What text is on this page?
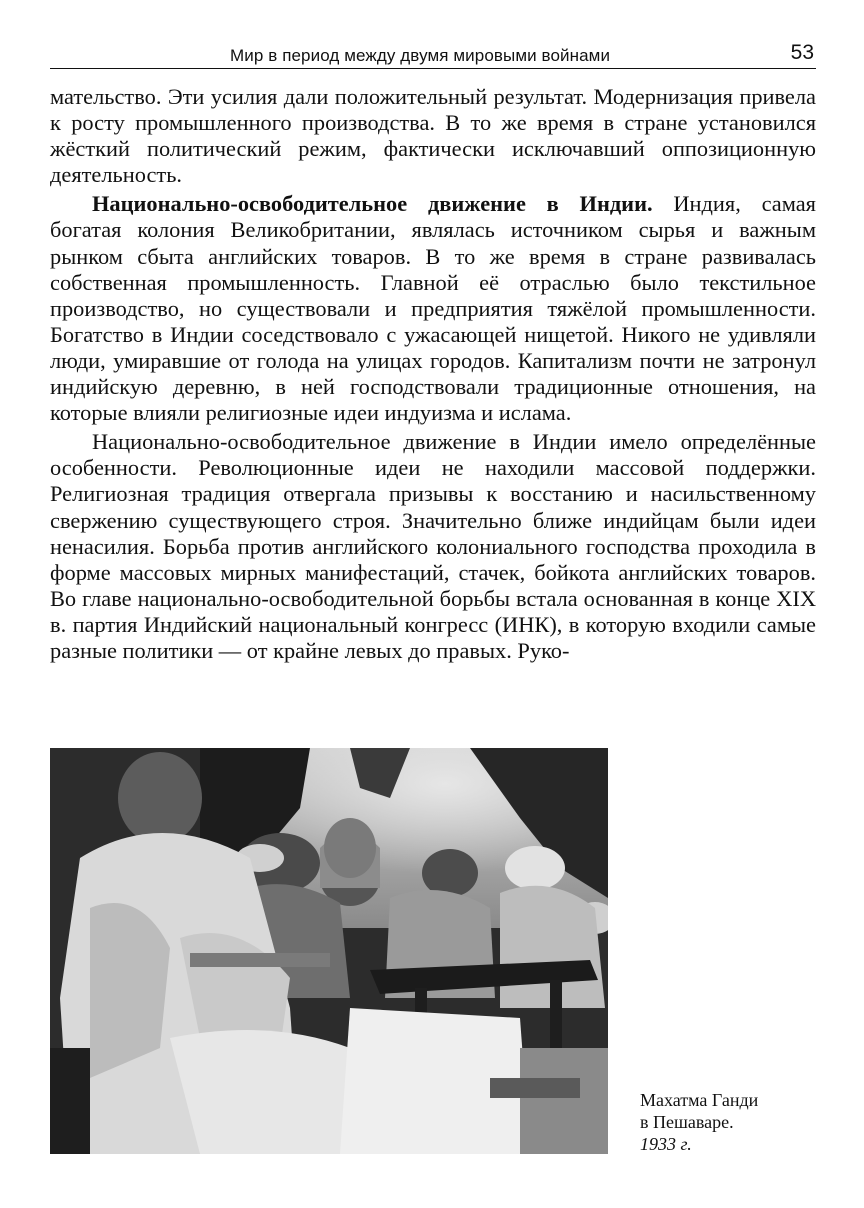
Мир в период между двумя мировыми войнами	53

мательство. Эти усилия дали положительный результат. Модернизация привела к росту промышленного производства. В то же время в стране установился жёсткий политический режим, фактически исключавший оппозиционную деятельность.

Национально-освободительное движение в Индии. Индия, самая богатая колония Великобритании, являлась источником сырья и важным рынком сбыта английских товаров. В то же время в стране развивалась собственная промышленность. Главной её отраслью было текстильное производство, но существовали и предприятия тяжёлой промышленности. Богатство в Индии соседствовало с ужасающей нищетой. Никого не удивляли люди, умиравшие от голода на улицах городов. Капитализм почти не затронул индийскую деревню, в ней господствовали традиционные отношения, на которые влияли религиозные идеи индуизма и ислама.

Национально-освободительное движение в Индии имело определённые особенности. Революционные идеи не находили массовой поддержки. Религиозная традиция отвергала призывы к восстанию и насильственному свержению существующего строя. Значительно ближе индийцам были идеи ненасилия. Борьба против английского колониального господства проходила в форме массовых мирных манифестаций, стачек, бойкота английских товаров. Во главе национально-освободительной борьбы встала основанная в конце XIX в. партия Индийский национальный конгресс (ИНК), в которую входили самые разные политики — от крайне левых до правых. Руко-

Махатма Ганди
в Пешаваре.
1933 г.
